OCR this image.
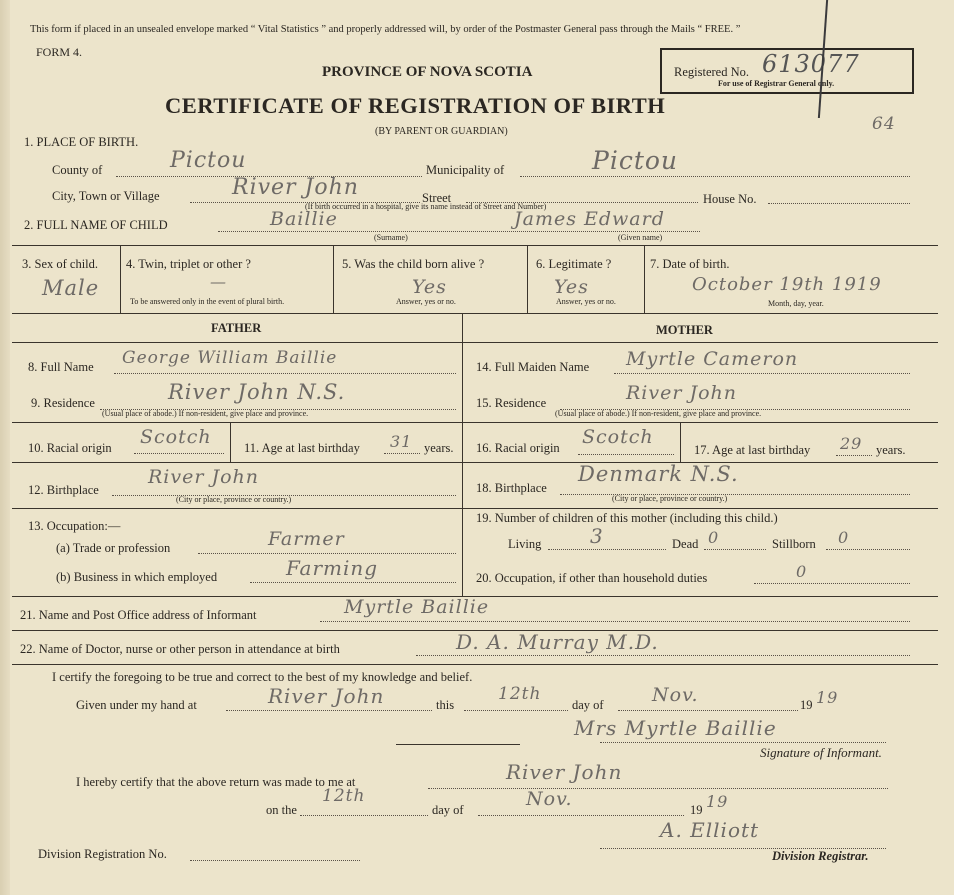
This form if placed in an unsealed envelope marked “ Vital Statistics ” and properly addressed will, by order of the Postmaster General pass through the Mails “ FREE. ”
FORM 4.
PROVINCE OF NOVA SCOTIA
CERTIFICATE OF REGISTRATION OF BIRTH
(BY PARENT OR GUARDIAN)
Registered No. 613077
For use of Registrar General only.
64
1. PLACE OF BIRTH.
County of	Pictou	Municipality of	Pictou
City, Town or Village	River John	Street	House No.
(If birth occurred in a hospital, give its name instead of Street and Number)
2. FULL NAME OF CHILD	Baillie	James Edward
(Surname)	(Given name)
3. Sex of child.
Male
4. Twin, triplet or other ?
—
To be answered only in the event of plural birth.
5. Was the child born alive ?
Yes
Answer, yes or no.
6. Legitimate ?
Yes
Answer, yes or no.
7. Date of birth.
October 19th 1919
Month, day, year.
FATHER	MOTHER
8. Full Name George William Baillie
9. Residence	River John N.S.
(Usual place of abode.) If non-resident, give place and province.
10. Racial origin Scotch	11. Age at last birthday 31 years.
12. Birthplace
River John
(City or place, province or country.)
13. Occupation:—
(a) Trade or profession	Farmer
(b) Business in which employed	Farming
14. Full Maiden Name Myrtle Cameron
15. Residence	River John
(Usual place of abode.) If non-resident, give place and province.
16. Racial origin Scotch
17. Age at last birthday 29 years.
18. Birthplace
Denmark N.S.
(City or place, province or country.)
19. Number of children of this mother (including this child.)
Living 3	Dead 0	Stillborn 0
20. Occupation, if other than household duties	0
21. Name and Post Office address of Informant	Myrtle Baillie
22. Name of Doctor, nurse or other person in attendance at birth	D. A. Murray M.D.
I certify the foregoing to be true and correct to the best of my knowledge and belief.
Given under my hand at	River John	this
12th
day of	Nov.	19 19
Mrs Myrtle Baillie
Signature of Informant.
I hereby certify that the above return was made to me at	River John
on the
12th
day of	Nov.	19 19
A. Elliott
Division Registration No.	Division Registrar.
